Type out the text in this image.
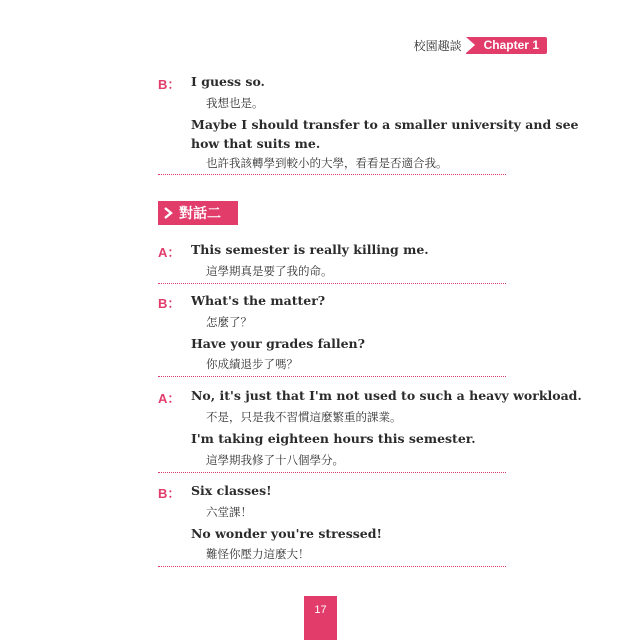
校園趣談	Chapter 1
B： I guess so.
我想也是。
Maybe I should transfer to a smaller university and see
how that suits me.
也許我該轉學到較小的大學，看看是否適合我。
對話二
A： This semester is really killing me.
這學期真是要了我的命。
B： What's the matter?
怎麼了？
Have your grades fallen?
你成績退步了嗎？
A： No, it's just that I'm not used to such a heavy workload.
不是，只是我不習慣這麼繁重的課業。
I'm taking eighteen hours this semester.
這學期我修了十八個學分。
B： Six classes!
六堂課！
No wonder you're stressed!
難怪你壓力這麼大！
17
